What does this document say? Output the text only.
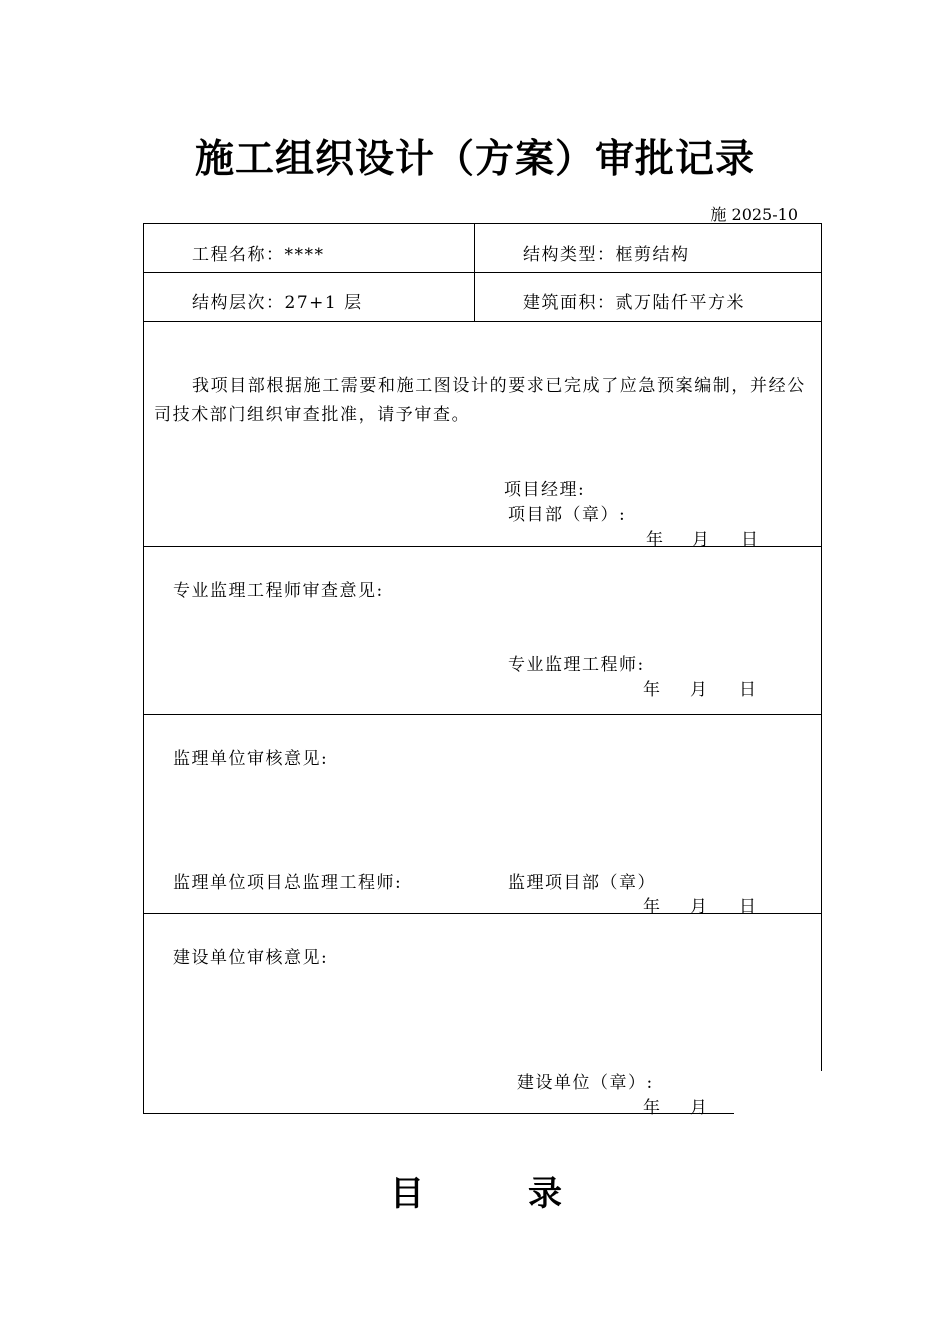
施工组织设计（方案）审批记录
施 2025-10
工程名称：****	结构类型：框剪结构
结构层次：27+1 层	建筑面积：贰万陆仟平方米
我项目部根据施工需要和施工图设计的要求已完成了应急预案编制，并经公司技术部门组织审查批准，请予审查。
项目经理:
项目部（章）:
年 月 日
专业监理工程师审查意见:
专业监理工程师:
年 月 日
监理单位审核意见:
监理单位项目总监理工程师:	监理项目部（章）
年 月 日
建设单位审核意见:
建设单位（章）:
年 月
目	录
